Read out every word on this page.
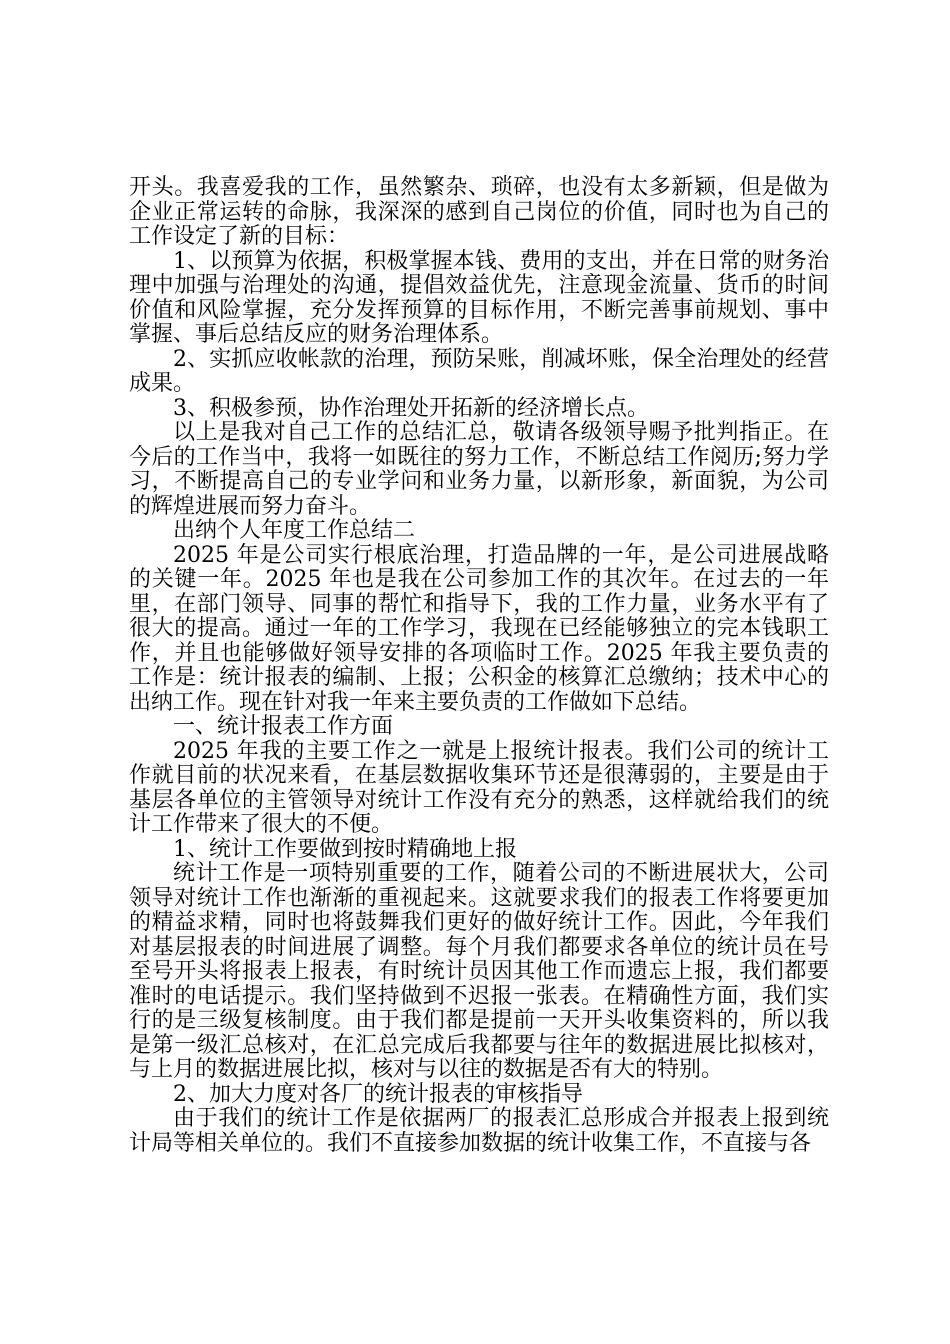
开头。我喜爱我的工作，虽然繁杂、琐碎，也没有太多新颖，但是做为企业正常运转的命脉，我深深的感到自己岗位的价值，同时也为自己的工作设定了新的目标：

1、以预算为依据，积极掌握本钱、费用的支出，并在日常的财务治理中加强与治理处的沟通，提倡效益优先，注意现金流量、货币的时间价值和风险掌握，充分发挥预算的目标作用，不断完善事前规划、事中掌握、事后总结反应的财务治理体系。

2、实抓应收帐款的治理，预防呆账，削减坏账，保全治理处的经营成果。

3、积极参预，协作治理处开拓新的经济增长点。

以上是我对自己工作的总结汇总，敬请各级领导赐予批判指正。在今后的工作当中，我将一如既往的努力工作，不断总结工作阅历;努力学习，不断提高自己的专业学问和业务力量，以新形象，新面貌，为公司的辉煌进展而努力奋斗。

出纳个人年度工作总结二

2025 年是公司实行根底治理，打造品牌的一年，是公司进展战略的关键一年。2025 年也是我在公司参加工作的其次年。在过去的一年里，在部门领导、同事的帮忙和指导下，我的工作力量，业务水平有了很大的提高。通过一年的工作学习，我现在已经能够独立的完本钱职工作，并且也能够做好领导安排的各项临时工作。2025 年我主要负责的工作是：统计报表的编制、上报；公积金的核算汇总缴纳；技术中心的出纳工作。现在针对我一年来主要负责的工作做如下总结。

一、统计报表工作方面

2025 年我的主要工作之一就是上报统计报表。我们公司的统计工作就目前的状况来看，在基层数据收集环节还是很薄弱的，主要是由于基层各单位的主管领导对统计工作没有充分的熟悉，这样就给我们的统计工作带来了很大的不便。

1、统计工作要做到按时精确地上报

统计工作是一项特别重要的工作，随着公司的不断进展状大，公司领导对统计工作也渐渐的重视起来。这就要求我们的报表工作将要更加的精益求精，同时也将鼓舞我们更好的做好统计工作。因此，今年我们对基层报表的时间进展了调整。每个月我们都要求各单位的统计员在号至号开头将报表上报表，有时统计员因其他工作而遗忘上报，我们都要准时的电话提示。我们坚持做到不迟报一张表。在精确性方面，我们实行的是三级复核制度。由于我们都是提前一天开头收集资料的，所以我是第一级汇总核对，在汇总完成后我都要与往年的数据进展比拟核对，与上月的数据进展比拟，核对与以往的数据是否有大的特别。

2、加大力度对各厂的统计报表的审核指导

由于我们的统计工作是依据两厂的报表汇总形成合并报表上报到统计局等相关单位的。我们不直接参加数据的统计收集工作，不直接与各
